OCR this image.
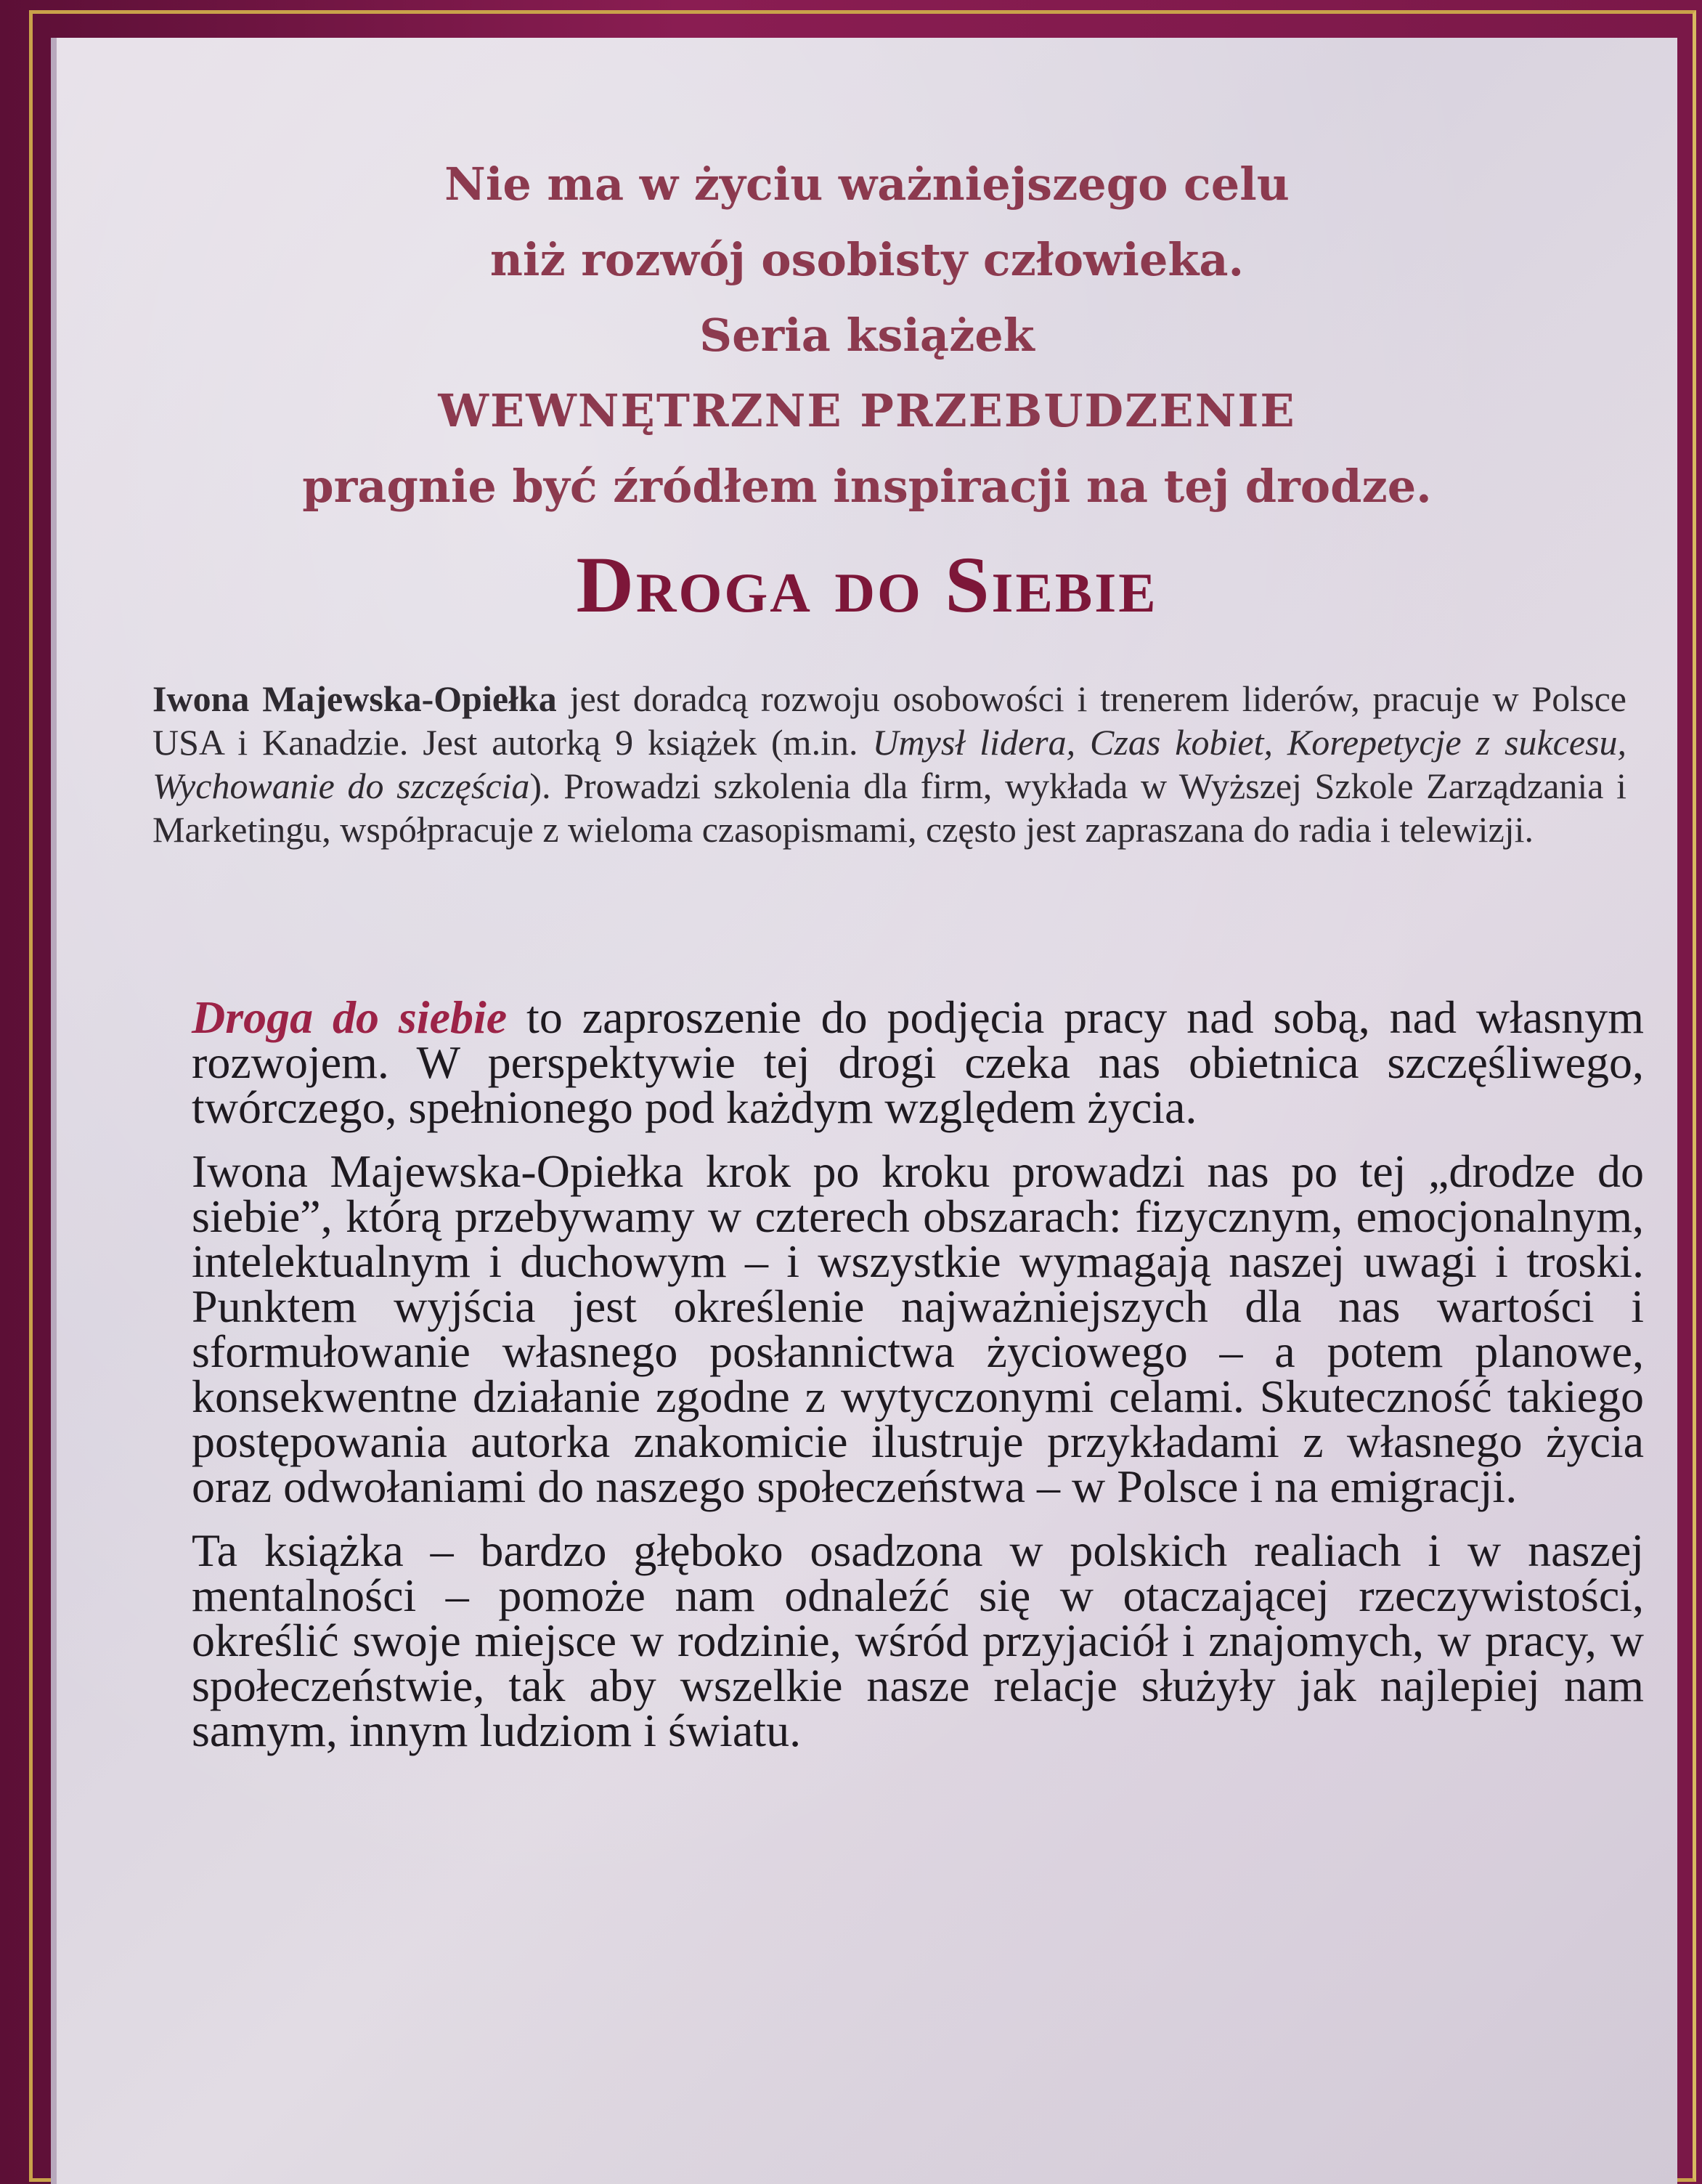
Nie ma w życiu ważniejszego celu
niż rozwój osobisty człowieka.
Seria książek
WEWNĘTRZNE PRZEBUDZENIE
pragnie być źródłem inspiracji na tej drodze.
Droga do Siebie
Iwona Majewska-Opiełka jest doradcą rozwoju osobowości i trenerem liderów, pracuje w Polsce USA i Kanadzie. Jest autorką 9 książek (m.in. Umysł lidera, Czas kobiet, Korepetycje z sukcesu, Wychowanie do szczęścia). Prowadzi szkolenia dla firm, wykłada w Wyższej Szkole Zarządzania i Marketingu, współpracuje z wieloma czasopismami, często jest zapraszana do radia i telewizji.

Droga do siebie to zaproszenie do podjęcia pracy nad sobą, nad własnym rozwojem. W perspektywie tej drogi czeka nas obietnica szczęśliwego, twórczego, spełnionego pod każdym względem życia.

Iwona Majewska-Opiełka krok po kroku prowadzi nas po tej „drodze do siebie”, którą przebywamy w czterech obszarach: fizycznym, emocjonalnym, intelektualnym i duchowym – i wszystkie wymagają naszej uwagi i troski. Punktem wyjścia jest określenie najważniejszych dla nas wartości i sformułowanie własnego posłannictwa życiowego – a potem planowe, konsekwentne działanie zgodne z wytyczonymi celami. Skuteczność takiego postępowania autorka znakomicie ilustruje przykładami z własnego życia oraz odwołaniami do naszego społeczeństwa – w Polsce i na emigracji.

Ta książka – bardzo głęboko osadzona w polskich realiach i w naszej mentalności – pomoże nam odnaleźć się w otaczającej rzeczywistości, określić swoje miejsce w rodzinie, wśród przyjaciół i znajomych, w pracy, w społeczeństwie, tak aby wszelkie nasze relacje służyły jak najlepiej nam samym, innym ludziom i światu.
